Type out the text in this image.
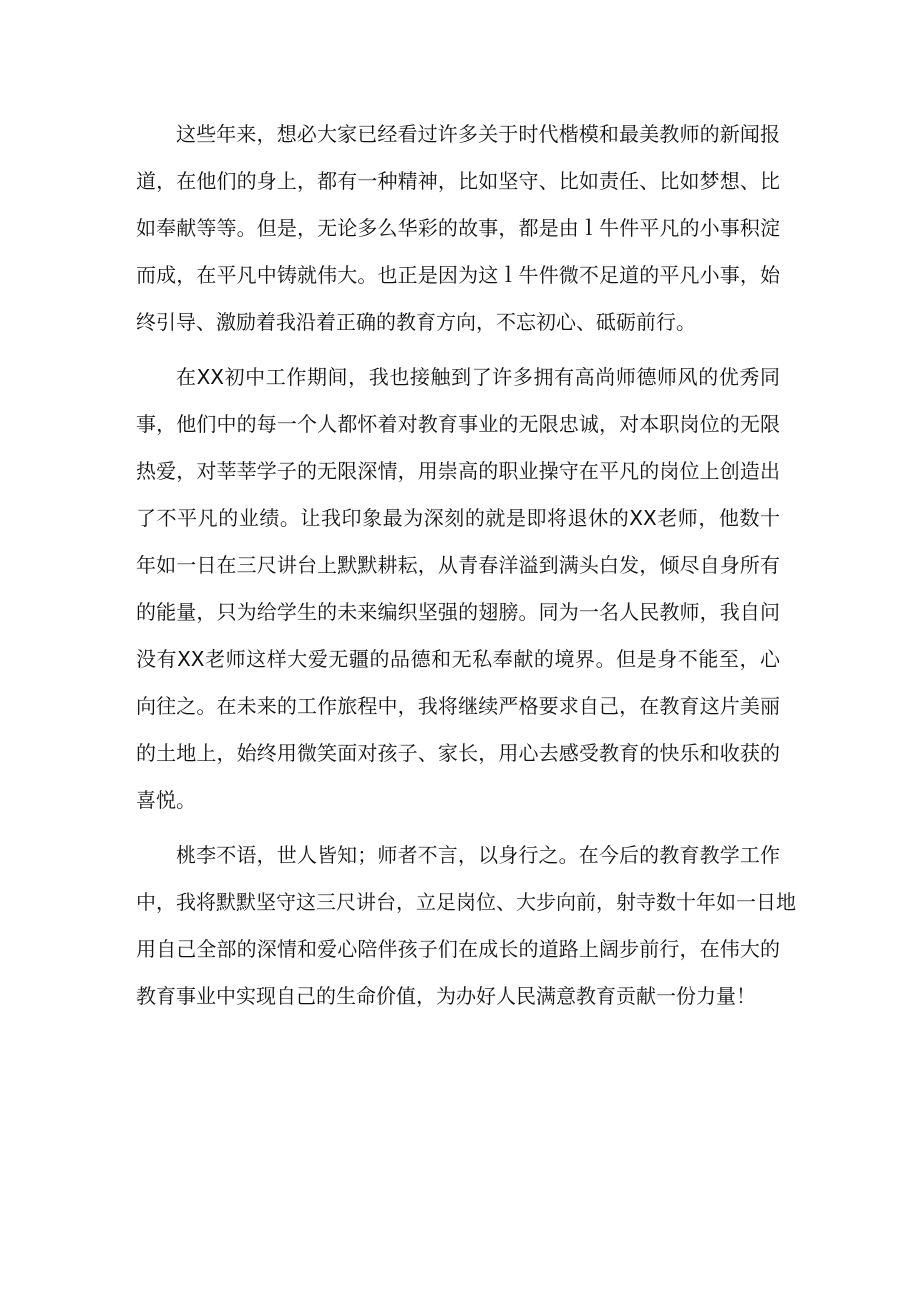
这些年来，想必大家已经看过许多关于时代楷模和最美教师的新闻报
道，在他们的身上，都有一种精神，比如坚守、比如责任、比如梦想、比
如奉献等等。但是，无论多么华彩的故事，都是由ｌ牛件平凡的小事积淀
而成，在平凡中铸就伟大。也正是因为这ｌ牛件微不足道的平凡小事，始
终引导、激励着我沿着正确的教育方向，不忘初心、砥砺前行。
在XX初中工作期间，我也接触到了许多拥有高尚师德师风的优秀同
事，他们中的每一个人都怀着对教育事业的无限忠诚，对本职岗位的无限
热爱，对莘莘学子的无限深情，用崇高的职业操守在平凡的岗位上创造出
了不平凡的业绩。让我印象最为深刻的就是即将退休的XX老师，他数十
年如一日在三尺讲台上默默耕耘，从青春洋溢到满头白发，倾尽自身所有
的能量，只为给学生的未来编织坚强的翅膀。同为一名人民教师，我自问
没有XX老师这样大爱无疆的品德和无私奉献的境界。但是身不能至，心
向往之。在未来的工作旅程中，我将继续严格要求自己，在教育这片美丽
的土地上，始终用微笑面对孩子、家长，用心去感受教育的快乐和收获的
喜悦。
桃李不语，世人皆知；师者不言，以身行之。在今后的教育教学工作
中，我将默默坚守这三尺讲台，立足岗位、大步向前，射寺数十年如一日地
用自己全部的深情和爱心陪伴孩子们在成长的道路上阔步前行，在伟大的
教育事业中实现自己的生命价值，为办好人民满意教育贡献一份力量！
